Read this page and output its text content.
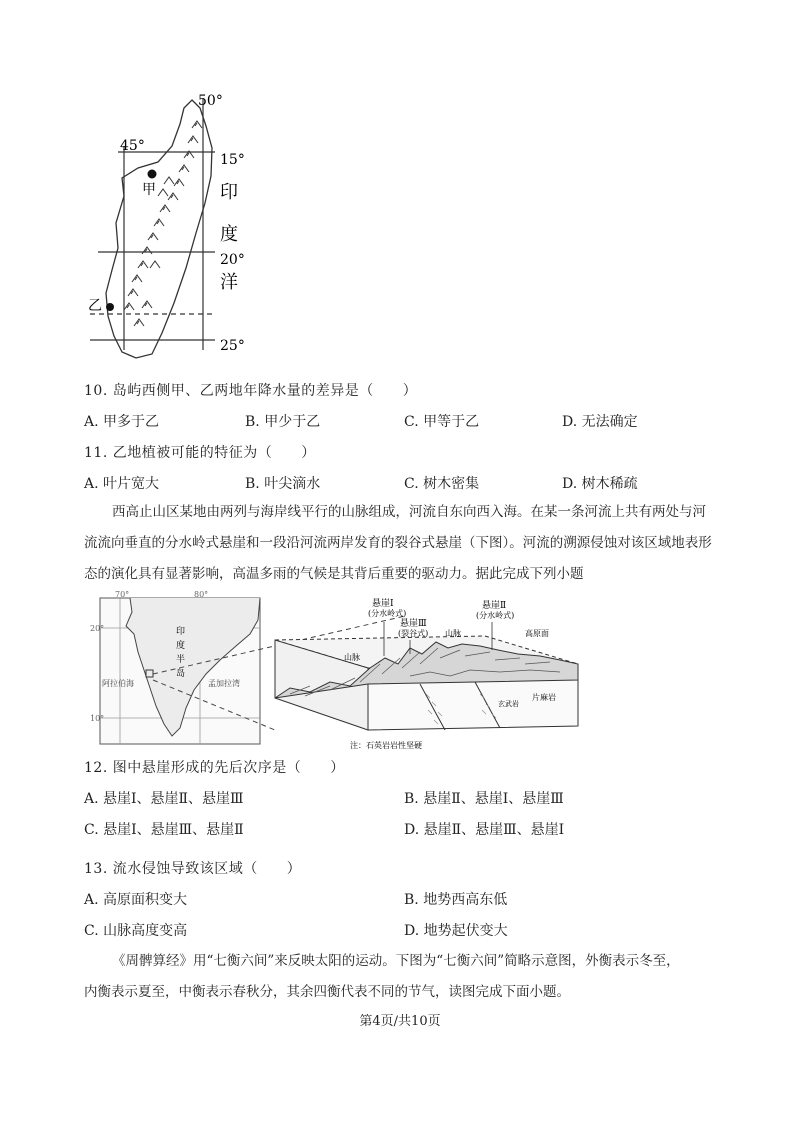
50°
45°
15°
20°
25°
甲
乙
印
度
洋
10. 岛屿西侧甲、乙两地年降水量的差异是（　　）
A. 甲多于乙	B. 甲少于乙	C. 甲等于乙	D. 无法确定
11. 乙地植被可能的特征为（　　）
A. 叶片宽大	B. 叶尖滴水	C. 树木密集	D. 树木稀疏
西高止山区某地由两列与海岸线平行的山脉组成，河流自东向西入海。在某一条河流上共有两处与河
流流向垂直的分水岭式悬崖和一段沿河流两岸发育的裂谷式悬崖（下图）。河流的溯源侵蚀对该区域地表形
态的演化具有显著影响，高温多雨的气候是其背后重要的驱动力。据此完成下列小题
70°	80°
20°
10°
印
度
半
岛
阿拉伯海	孟加拉湾
悬崖Ⅰ
(分水岭式)
悬崖Ⅲ
(裂谷式)
悬崖Ⅱ
(分水岭式)
山脉	高原面
山脉
片麻岩
玄武岩
注：石英岩岩性坚硬
12. 图中悬崖形成的先后次序是（　　）
A. 悬崖Ⅰ、悬崖Ⅱ、悬崖Ⅲ	B. 悬崖Ⅱ、悬崖Ⅰ、悬崖Ⅲ
C. 悬崖Ⅰ、悬崖Ⅲ、悬崖Ⅱ	D. 悬崖Ⅱ、悬崖Ⅲ、悬崖Ⅰ
13. 流水侵蚀导致该区域（　　）
A. 高原面积变大	B. 地势西高东低
C. 山脉高度变高	D. 地势起伏变大
《周髀算经》用“七衡六间”来反映太阳的运动。下图为“七衡六间”简略示意图，外衡表示冬至，
内衡表示夏至，中衡表示春秋分，其余四衡代表不同的节气，读图完成下面小题。
第4页/共10页
